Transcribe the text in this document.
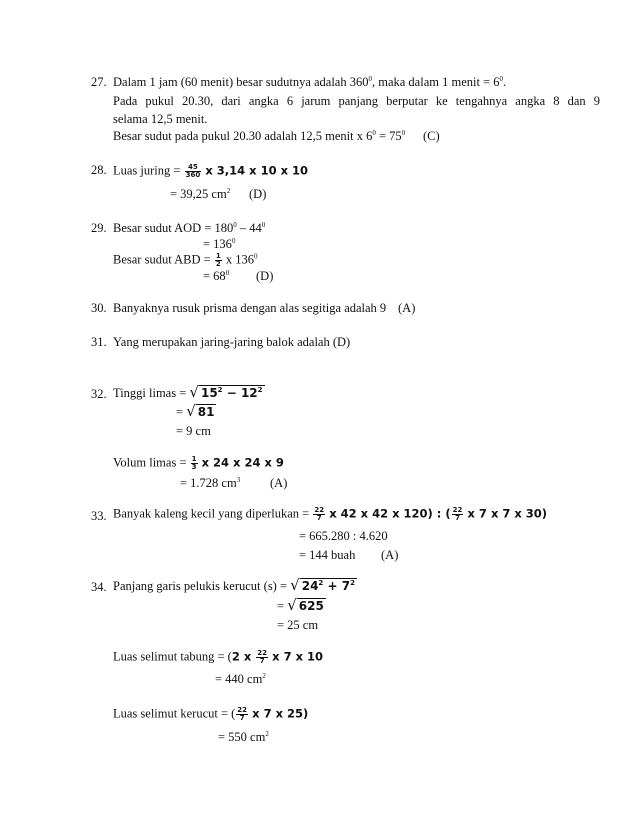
27. Dalam 1 jam (60 menit) besar sudutnya adalah $360^0$, maka dalam 1 menit = $6^0$.
Pada pukul 20.30, dari angka 6 jarum panjang berputar ke tengahnya angka 8 dan 9
selama 12,5 menit.
Besar sudut pada pukul 20.30 adalah 12,5 menit x $6^0 = 75^0$ (C)
28. Luas juring = $\frac{45}{360}$ x 3,14 x 10 x 10
= 39,25 $cm^2$ (D)
29. Besar sudut AOD = $180^0 - 44^0$
= $136^0$
Besar sudut ABD = $\frac{1}{2}$ x $136^0$
= $68^0$ (D)
30. Banyaknya rusuk prisma dengan alas segitiga adalah 9 (A)
31. Yang merupakan jaring-jaring balok adalah (D)
32. Tinggi limas = √ $15^2 - 12^2$
= √ 81
= 9 cm
Volum limas = $\frac{1}{3}$ x 24 x 24 x 9
= 1.728 $cm^3$ (A)
33. Banyak kaleng kecil yang diperlukan = $\frac{22}{7}$ x 42 x 42 x 120) : ( $\frac{22}{7}$ x 7 x 7 x 30)
= 665.280 : 4.620
= 144 buah (A)
34. Panjang garis pelukis kerucut (s) = √ $24^2 + 7^2$
= √ 625
= 25 cm
Luas selimut tabung = (2 x $\frac{22}{7}$ x 7 x 10
= 440 $cm^2$
Luas selimut kerucut = ( $\frac{22}{7}$ x 7 x 25)
= 550 $cm^2$
